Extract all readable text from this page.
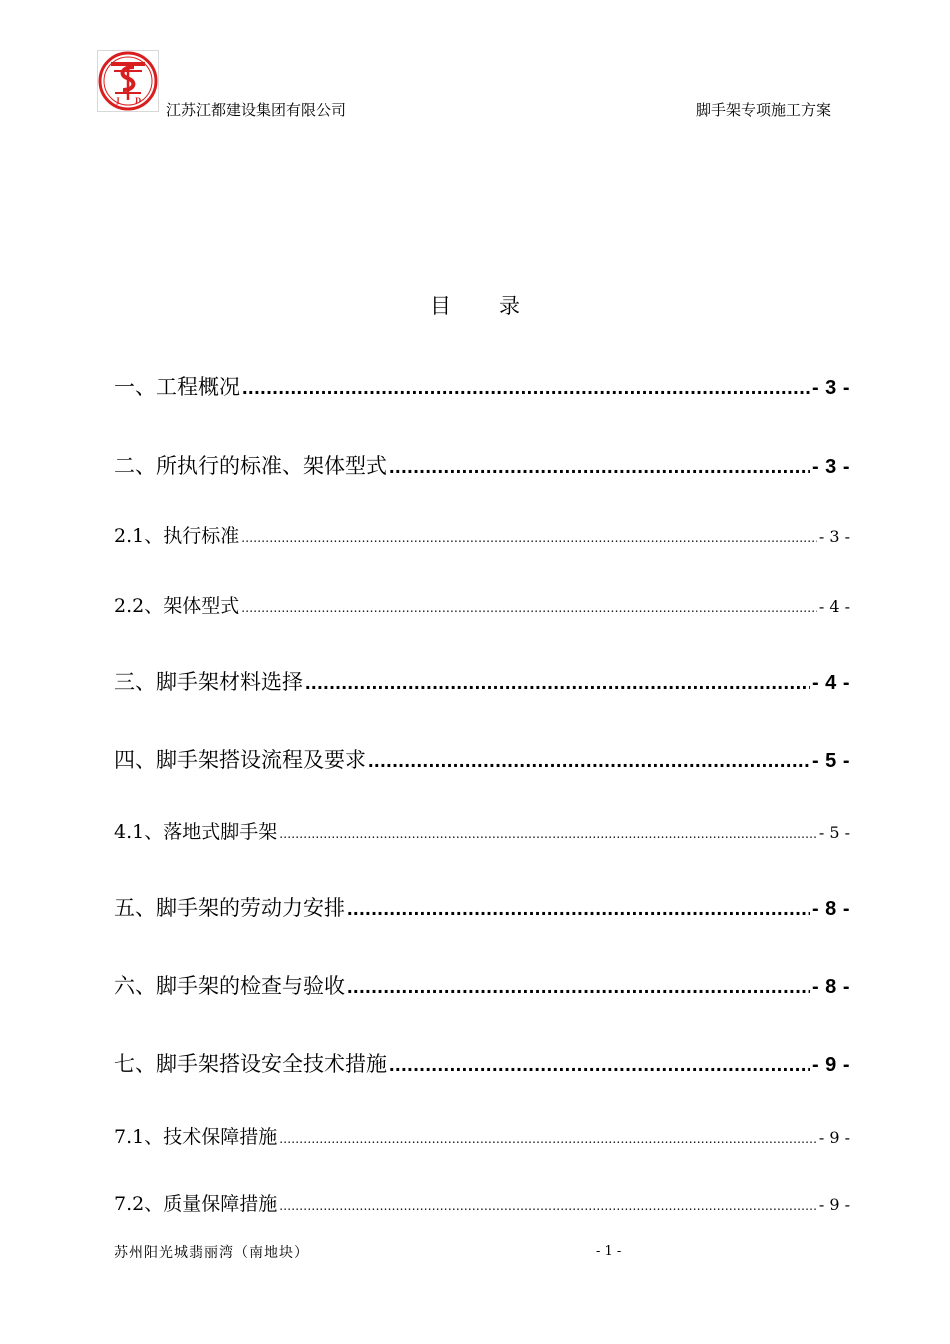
J D
江苏江都建设集团有限公司	脚手架专项施工方案
目 录
一、工程概况 .....	- 3 -
二、所执行的标准、架体型式 .....	- 3 -
2.1、执行标准 .....	- 3 -
2.2、架体型式 .....	- 4 -
三、脚手架材料选择 .....	- 4 -
四、脚手架搭设流程及要求 .....	- 5 -
4.1、落地式脚手架 .....	- 5 -
五、脚手架的劳动力安排 .....	- 8 -
六、脚手架的检查与验收 .....	- 8 -
七、脚手架搭设安全技术措施 .....	- 9 -
7.1、技术保障措施 .....	- 9 -
7.2、质量保障措施 .....	- 9 -
苏州阳光城翡丽湾（南地块）	- 1 -
